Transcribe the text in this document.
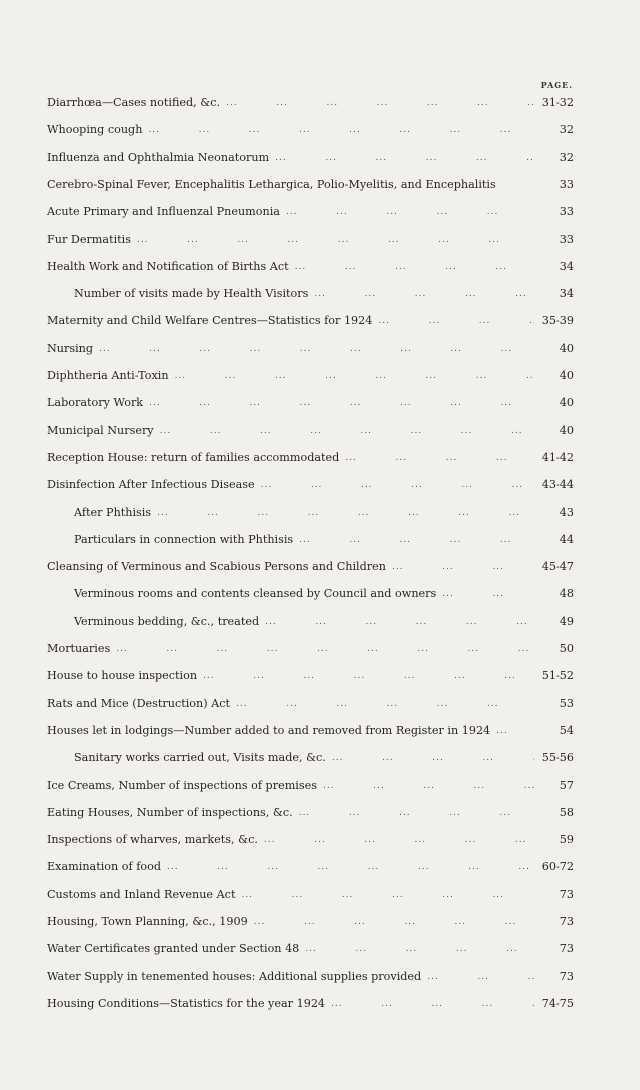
PAGE.
Diarrhœa—Cases notified, &c. ...	31-32
Whooping cough ...	32
Influenza and Ophthalmia Neonatorum ...	32
Cerebro-Spinal Fever, Encephalitis Lethargica, Polio-Myelitis, and Encephalitis	33
Acute Primary and Influenzal Pneumonia ...	33
Fur Dermatitis ...	33
Health Work and Notification of Births Act ...	34
Number of visits made by Health Visitors ...	34
Maternity and Child Welfare Centres—Statistics for 1924 ...	35-39
Nursing ...	40
Diphtheria Anti-Toxin ...	40
Laboratory Work ...	40
Municipal Nursery ...	40
Reception House: return of families accommodated ...	41-42
Disinfection After Infectious Disease ...	43-44
After Phthisis ...	43
Particulars in connection with Phthisis ...	44
Cleansing of Verminous and Scabious Persons and Children ...	45-47
Verminous rooms and contents cleansed by Council and owners ...	48
Verminous bedding, &c., treated ...	49
Mortuaries ...	50
House to house inspection ...	51-52
Rats and Mice (Destruction) Act ...	53
Houses let in lodgings—Number added to and removed from Register in 1924 ...	54
Sanitary works carried out, Visits made, &c. ...	55-56
Ice Creams, Number of inspections of premises ...	57
Eating Houses, Number of inspections, &c. ...	58
Inspections of wharves, markets, &c. ...	59
Examination of food ...	60-72
Customs and Inland Revenue Act ...	73
Housing, Town Planning, &c., 1909 ...	73
Water Certificates granted under Section 48 ...	73
Water Supply in tenemented houses: Additional supplies provided ...	73
Housing Conditions—Statistics for the year 1924 ...	74-75
